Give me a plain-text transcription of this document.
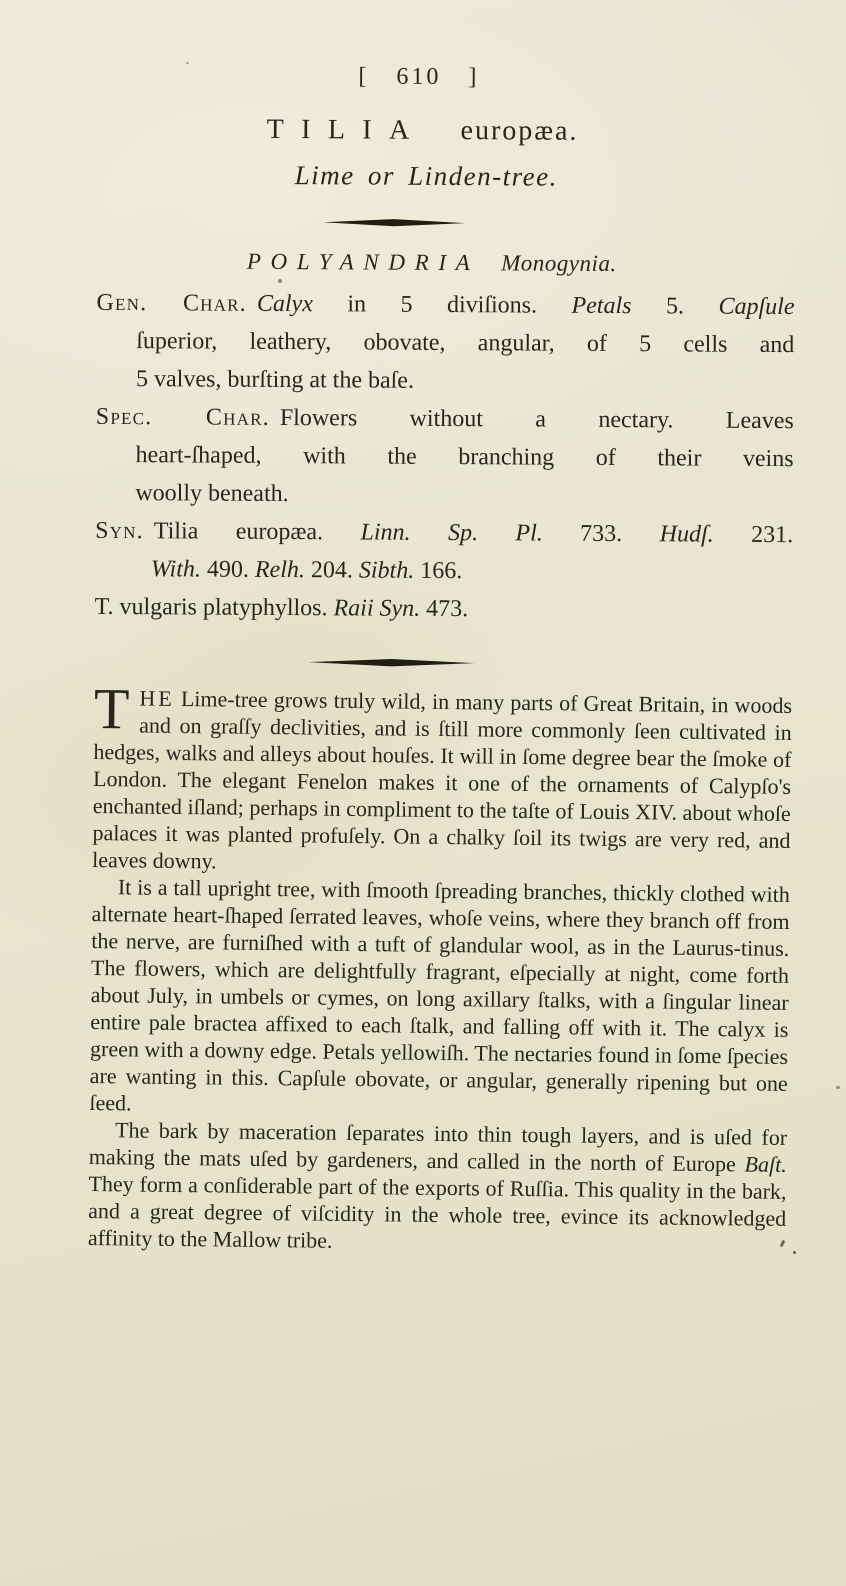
[ 610 ]
TILIA europæa.
Lime or Linden-tree.
POLYANDRIA Monogynia.
Gen. Char. Calyx in 5 diviſions. Petals 5. Capſule
ſuperior, leathery, obovate, angular, of 5 cells and
5 valves, burſting at the baſe.
Spec. Char. Flowers without a nectary. Leaves
heart-ſhaped, with the branching of their veins
woolly beneath.
Syn. Tilia europæa. Linn. Sp. Pl. 733. Hudſ. 231.
With. 490. Relh. 204. Sibth. 166.
T. vulgaris platyphyllos. Raii Syn. 473.

THE Lime-tree grows truly wild, in many parts of Great Britain, in woods and on graſſy declivities, and is ſtill more commonly ſeen cultivated in hedges, walks and alleys about houſes. It will in ſome degree bear the ſmoke of London. The elegant Fenelon makes it one of the ornaments of Calypſo's enchanted iſland; perhaps in compliment to the taſte of Louis XIV. about whoſe palaces it was planted profuſely. On a chalky ſoil its twigs are very red, and leaves downy.

It is a tall upright tree, with ſmooth ſpreading branches, thickly clothed with alternate heart-ſhaped ſerrated leaves, whoſe veins, where they branch off from the nerve, are furniſhed with a tuft of glandular wool, as in the Laurus-tinus. The flowers, which are delightfully fragrant, eſpecially at night, come forth about July, in umbels or cymes, on long axillary ſtalks, with a ſingular linear entire pale bractea affixed to each ſtalk, and falling off with it. The calyx is green with a downy edge. Petals yellowiſh. The nectaries found in ſome ſpecies are wanting in this. Capſule obovate, or angular, generally ripening but one ſeed.

The bark by maceration ſeparates into thin tough layers, and is uſed for making the mats uſed by gardeners, and called in the north of Europe Baſt. They form a conſiderable part of the exports of Ruſſia. This quality in the bark, and a great degree of viſcidity in the whole tree, evince its acknowledged affinity to the Mallow tribe.
